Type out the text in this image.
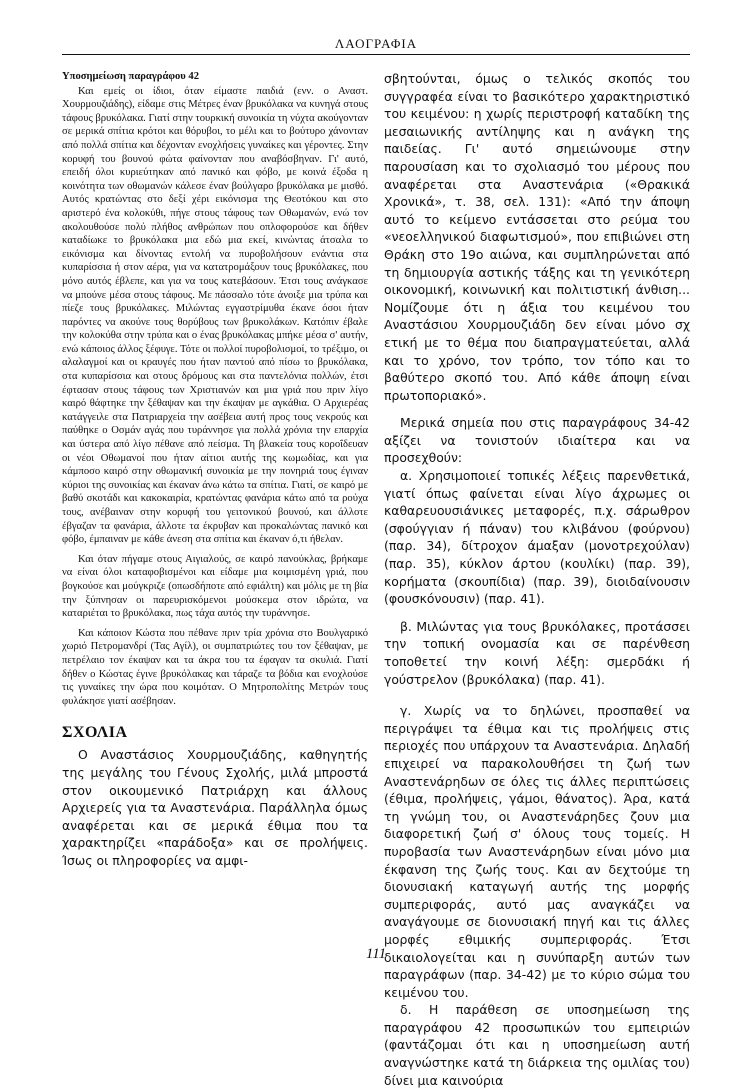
ΛΑΟΓΡΑΦΙΑ
Υποσημείωση παραγράφου 42

Και εμείς οι ίδιοι, όταν είμαστε παιδιά (ενν. ο Αναστ. Χουρμουζιάδης), είδαμε στις Μέτρες έναν βρυκόλακα να κυνηγά στους τάφους βρυκόλακα. Γιατί στην τουρκική συνοικία τη νύχτα ακούγονταν σε μερικά σπίτια κρότοι και θόρυβοι, το μέλι και το βούτυρο χάνονταν από πολλά σπίτια και δέχονταν ενοχλήσεις γυναίκες και γέροντες. Στην κορυφή του βουνού φώτα φαίνονταν που αναβόσβηναν. Γι' αυτό, επειδή όλοι κυριεύτηκαν από πανικό και φόβο, με κοινά έξοδα η κοινότητα των οθωμανών κάλεσε έναν βούλγαρο βρυκόλακα με μισθό. Αυτός κρατώντας στο δεξί χέρι εικόνισμα της Θεοτόκου και στο αριστερό ένα κολοκύθι, πήγε στους τάφους των Οθωμανών, ενώ τον ακολουθούσε πολύ πλήθος ανθρώπων που οπλοφορούσε και δήθεν καταδίωκε το βρυκόλακα μια εδώ μια εκεί, κινώντας άτσαλα το εικόνισμα και δίνοντας εντολή να πυροβολήσουν ενάντια στα κυπαρίσσια ή στον αέρα, για να κατατρομάξουν τους βρυκόλακες, που μόνο αυτός έβλεπε, και για να τους κατεβάσουν. Έτσι τους ανάγκασε να μπούνε μέσα στους τάφους. Με πάσσαλο τότε άνοιξε μια τρύπα και πίεζε τους βρυκόλακες. Μιλώντας εγγαστρίμυθα έκανε όσοι ήταν παρόντες να ακούνε τους θορύβους των βρυκολάκων. Κατόπιν έβαλε την κολοκύθα στην τρύπα και ο ένας βρυκόλακας μπήκε μέσα σ' αυτήν, ενώ κάποιος άλλος ξέφυγε. Τότε οι πολλοί πυροβολισμοί, το τρέξιμο, οι αλαλαγμοί και οι κραυγές που ήταν παντού από πίσω το βρυκόλακα, στα κυπαρίσσια και στους δρόμους και στα παντελόνια πολλών, έτσι έφτασαν στους τάφους των Χριστιανών και μια γριά που πριν λίγο καιρό θάφτηκε την ξέθαψαν και την έκαψαν με αγκάθια. Ο Αρχιερέας κατάγγειλε στα Πατριαρχεία την ασέβεια αυτή προς τους νεκρούς και παύθηκε ο Οσμάν αγάς που τυράννησε για πολλά χρόνια την επαρχία και ύστερα από λίγο πέθανε από πείσμα. Τη βλακεία τους κοροΐδευαν οι νέοι Οθωμανοί που ήταν αίτιοι αυτής της κωμωδίας, και για κάμποσο καιρό στην οθωμανική συνοικία με την πονηριά τους έγιναν κύριοι της συνοικίας και έκαναν άνω κάτω τα σπίτια. Γιατί, σε καιρό με βαθύ σκοτάδι και κακοκαιρία, κρατώντας φανάρια κάτω από τα ρούχα τους, ανέβαιναν στην κορυφή του γειτονικού βουνού, και άλλοτε έβγαζαν τα φανάρια, άλλοτε τα έκρυβαν και προκαλώντας πανικό και φόβο, έμπαιναν με κάθε άνεση στα σπίτια και έκαναν ό,τι ήθελαν.

Και όταν πήγαμε στους Αιγιαλούς, σε καιρό πανούκλας, βρήκαμε να είναι όλοι καταφοβισμένοι και είδαμε μια κοιμισμένη γριά, που βογκούσε και μούγκριζε (οπωσδήποτε από εφιάλτη) και μόλις με τη βία την ξύπνησαν οι παρευρισκόμενοι μούσκεμα στον ιδρώτα, να καταριέται το βρυκόλακα, πως τάχα αυτός την τυράννησε.

Και κάποιον Κώστα που πέθανε πριν τρία χρόνια στο Βουλγαρικό χωριό Πετρομανδρί (Τας Αγίλ), οι συμπατριώτες του τον ξέθαψαν, με πετρέλαιο τον έκαψαν και τα άκρα του τα έφαγαν τα σκυλιά. Γιατί δήθεν ο Κώστας έγινε βρυκόλακας και τάραζε τα βόδια και ενοχλούσε τις γυναίκες την ώρα που κοιμόταν. Ο Μητροπολίτης Μετρών τους φυλάκησε γιατί ασέβησαν.

ΣΧΟΛΙΑ

Ο Αναστάσιος Χουρμουζιάδης, καθηγητής της μεγάλης του Γένους Σχολής, μιλά μπροστά στον οικουμενικό Πατριάρχη και άλλους Αρχιερείς για τα Αναστενάρια. Παράλληλα όμως αναφέρεται και σε μερικά έθιμα που τα χαρακτηρίζει «παράδοξα» και σε προλήψεις. Ίσως οι πληροφορίες να αμφι-

σβητούνται, όμως ο τελικός σκοπός του συγγραφέα είναι το βασικότερο χαρακτηριστικό του κειμένου: η χωρίς περιστροφή καταδίκη της μεσαιωνικής αντίληψης και η ανάγκη της παιδείας. Γι' αυτό σημειώνουμε στην παρουσίαση και το σχολιασμό του μέρους που αναφέρεται στα Αναστενάρια («Θρακικά Χρονικά», τ. 38, σελ. 131): «Από την άποψη αυτό το κείμενο εντάσσεται στο ρεύμα του «νεοελληνικού διαφωτισμού», που επιβιώνει στη Θράκη στο 19ο αιώνα, και συμπληρώνεται από τη δημιουργία αστικής τάξης και τη γενικότερη οικονομική, κοινωνική και πολιτιστική άνθιση... Νομίζουμε ότι η άξια του κειμένου του Αναστάσιου Χουρμουζιάδη δεν είναι μόνο σχ ετική με το θέμα που διαπραγματεύεται, αλλά και το χρόνο, τον τρόπο, τον τόπο και το βαθύτερο σκοπό του. Από κάθε άποψη είναι πρωτοποριακό».

Μερικά σημεία που στις παραγράφους 34-42 αξίζει να τονιστούν ιδιαίτερα και να προσεχθούν:

α. Χρησιμοποιεί τοπικές λέξεις παρενθετικά, γιατί όπως φαίνεται είναι λίγο άχρωμες οι καθαρευουσιάνικες μεταφορές, π.χ. σάρωθρον (σφούγγιαν ή πάναν) του κλιβάνου (φούρνου) (παρ. 34), δίτροχον άμαξαν (μονοτρεχούλαν) (παρ. 35), κύκλον άρτου (κουλίκι) (παρ. 39), κορήματα (σκουπίδια) (παρ. 39), διοιδαίνουσιν (φουσκόνουσιν) (παρ. 41).

β. Μιλώντας για τους βρυκόλακες, προτάσσει την τοπική ονομασία και σε παρένθεση τοποθετεί την κοινή λέξη: σμερδάκι ή γούστρελον (βρυκόλακα) (παρ. 41).

γ. Χωρίς να το δηλώνει, προσπαθεί να περιγράψει τα έθιμα και τις προλήψεις στις περιοχές που υπάρχουν τα Αναστενάρια. Δηλαδή επιχειρεί να παρακολουθήσει τη ζωή των Αναστενάρηδων σε όλες τις άλλες περιπτώσεις (έθιμα, προλήψεις, γάμοι, θάνατος). Άρα, κατά τη γνώμη του, οι Αναστενάρηδες ζουν μια διαφορετική ζωή σ' όλους τους τομείς. Η πυροβασία των Αναστενάρηδων είναι μόνο μια έκφανση της ζωής τους. Και αν δεχτούμε τη διονυσιακή καταγωγή αυτής της μορφής συμπεριφοράς, αυτό μας αναγκάζει να αναγάγουμε σε διονυσιακή πηγή και τις άλλες μορφές εθιμικής συμπεριφοράς. Έτσι δικαιολογείται και η συνύπαρξη αυτών των παραγράφων (παρ. 34-42) με το κύριο σώμα του κειμένου του.

δ. Η παράθεση σε υποσημείωση της παραγράφου 42 προσωπικών του εμπειριών (φαντάζομαι ότι και η υποσημείωση αυτή αναγνώστηκε κατά τη διάρκεια της ομιλίας του) δίνει μια καινούρια

111
